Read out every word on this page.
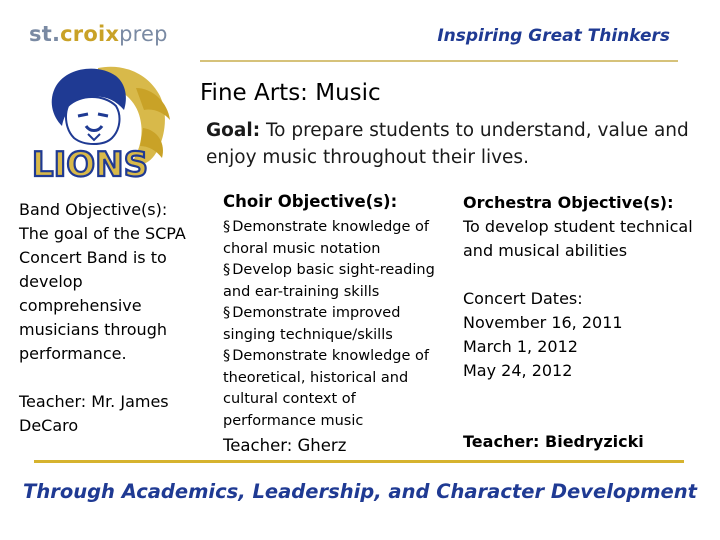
st.croixprep	Inspiring Great Thinkers
LIONS
Fine Arts: Music
Goal: To prepare students to understand, value and enjoy music throughout their lives.
Band Objective(s):
The goal of the SCPA Concert Band is to develop comprehensive musicians through performance.
Teacher: Mr. James DeCaro
Choir Objective(s):
§ Demonstrate knowledge of choral music notation
§ Develop basic sight-reading and ear-training skills
§ Demonstrate improved singing technique/skills
§ Demonstrate knowledge of theoretical, historical and cultural context of performance music
Teacher: Gherz
Orchestra Objective(s):
To develop student technical and musical abilities
Concert Dates:
November 16, 2011
March 1, 2012
May 24, 2012
Teacher: Biedryzicki
Through Academics, Leadership, and Character Development
